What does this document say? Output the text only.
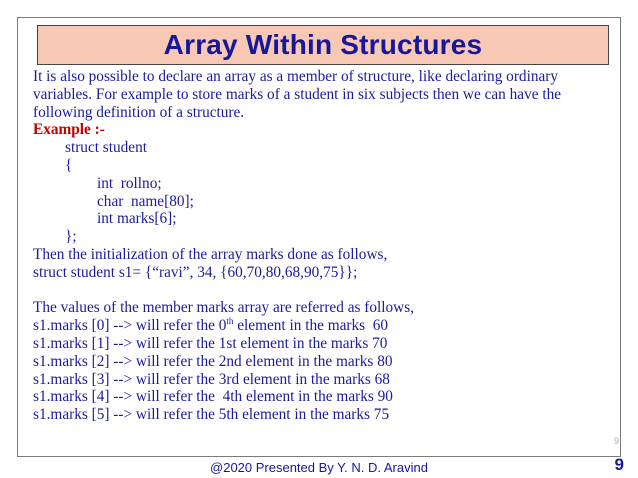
Array Within Structures
It is also possible to declare an array as a member of structure, like declaring ordinary
variables. For example to store marks of a student in six subjects then we can have the
following definition of a structure.
Example :-
struct student
{
int  rollno;
char  name[80];
int marks[6];
};
Then the initialization of the array marks done as follows,
struct student s1= {“ravi”, 34, {60,70,80,68,90,75}};
The values of the member marks array are referred as follows,
s1.marks [0] --> will refer the 0th element in the marks  60
s1.marks [1] --> will refer the 1st element in the marks 70
s1.marks [2] --> will refer the 2nd element in the marks 80
s1.marks [3] --> will refer the 3rd element in the marks 68
s1.marks [4] --> will refer the  4th element in the marks 90
s1.marks [5] --> will refer the 5th element in the marks 75
9
@2020 Presented By Y. N. D. Aravind	9
